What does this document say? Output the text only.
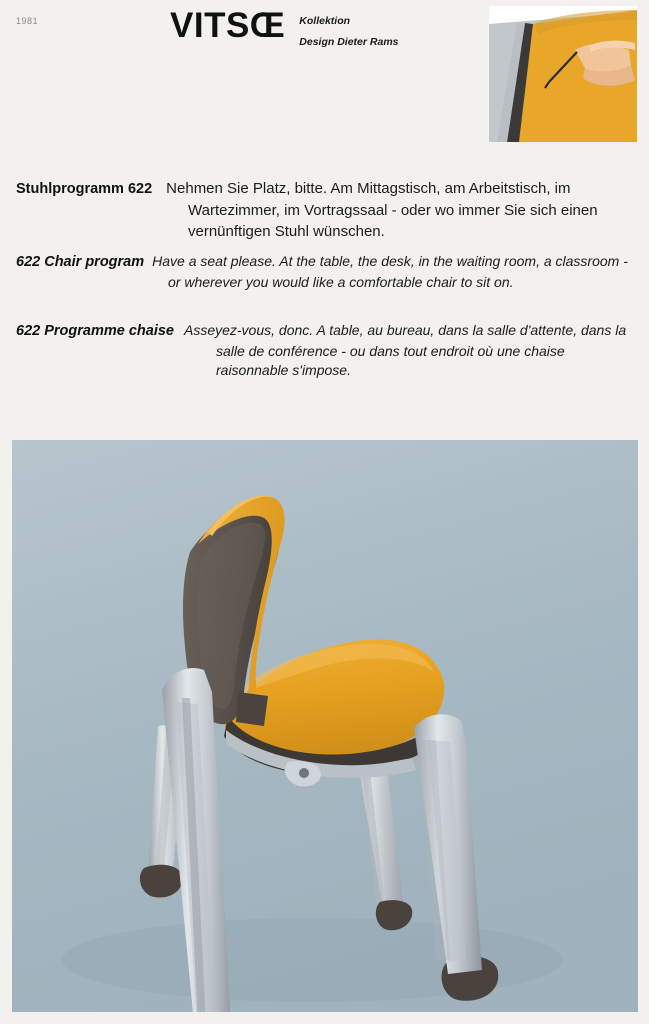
1981	VITSŒ Kollektion
Design Dieter Rams
Stuhlprogramm 622 Nehmen Sie Platz, bitte. Am Mittagstisch, am Arbeitstisch, im Wartezimmer, im Vortragssaal - oder wo immer Sie sich einen vernünftigen Stuhl wünschen.
622 Chair program Have a seat please. At the table, the desk, in the waiting room, a classroom - or wherever you would like a comfortable chair to sit on.
622 Programme chaise Asseyez-vous, donc. A table, au bureau, dans la salle d'attente, dans la salle de conférence - ou dans tout endroit où une chaise raisonnable s'impose.
